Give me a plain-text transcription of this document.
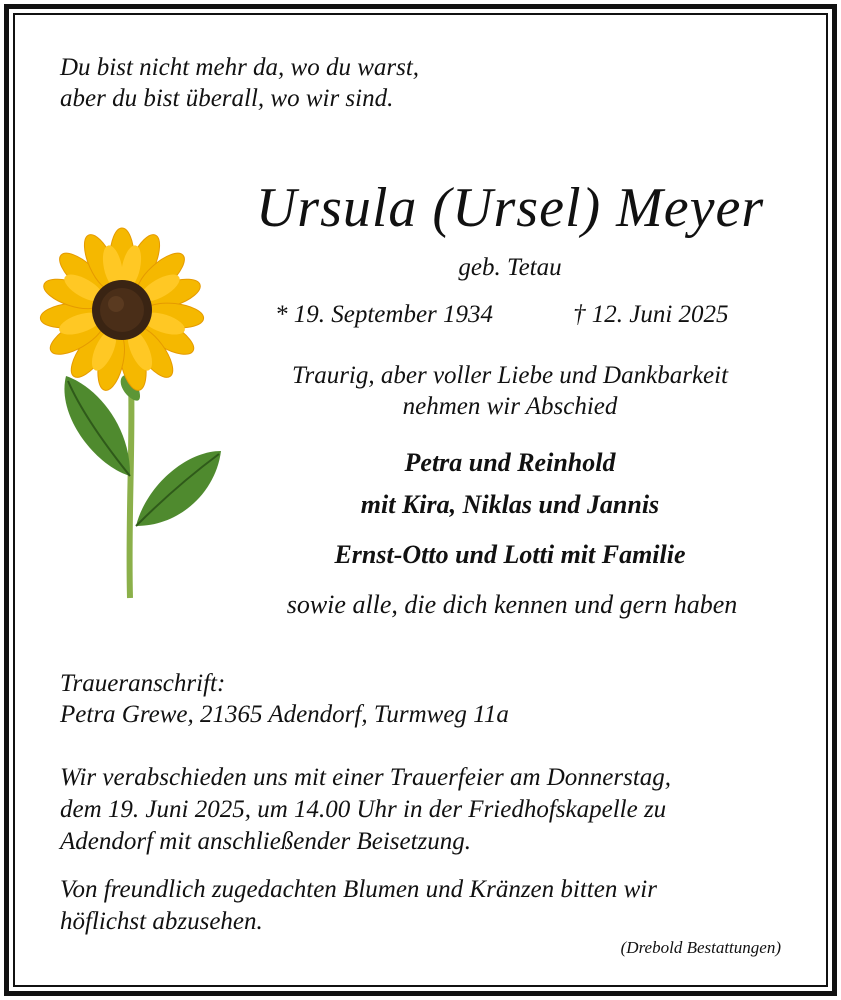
Du bist nicht mehr da, wo du warst,
aber du bist überall, wo wir sind.
Ursula (Ursel) Meyer
geb. Tetau
* 19. September 1934	† 12. Juni 2025
Traurig, aber voller Liebe und Dankbarkeit
nehmen wir Abschied
Petra und Reinhold
mit Kira, Niklas und Jannis
Ernst-Otto und Lotti mit Familie
sowie alle, die dich kennen und gern haben
Traueranschrift:
Petra Grewe, 21365 Adendorf, Turmweg 11a
Wir verabschieden uns mit einer Trauerfeier am Donnerstag,
dem 19. Juni 2025, um 14.00 Uhr in der Friedhofskapelle zu
Adendorf mit anschließender Beisetzung.
Von freundlich zugedachten Blumen und Kränzen bitten wir
höflichst abzusehen.
(Drebold Bestattungen)
